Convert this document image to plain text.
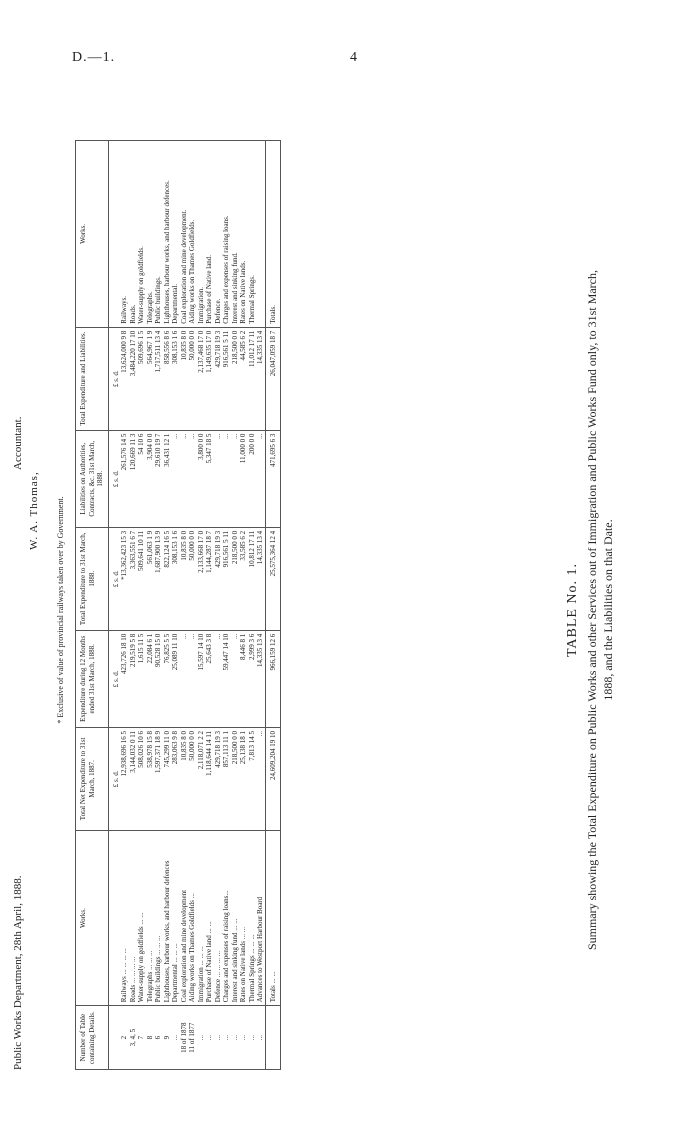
D.—1.	4
TABLE No. 1. Summary showing the Total Expenditure on Public Works and other Services out of Immigration and Public Works Fund only, to 31st March, 1888, and the Liabilities on that Date.
Number of Table containing Details.	Works.	Total Net Expenditure to 31st March, 1887.	Expenditure during 12 Months ended 31st March, 1888.	Total Expenditure to 31st March, 1888.	Liabilities on Authorities, Contracts, &c. 31st March, 1888.	Total Expenditure and Liabilities.	Works.
		£ s. d.	£ s. d.	£ s. d.	£ s. d.	£ s. d.	
2	Railways ... ... ... ...	12,938,696 16 5	423,726 18 10	*13,362,423 15 3	261,576 14 5	13,624,000 9 8	Railways.
3, 4, 5	Roads ... ... ... ...	3,144,032 0 11	219,519 5 8	3,363,551 6 7	120,669 11 3	3,484,220 17 10	Roads.
7	Water-supply on goldfields ... ...	508,026 10 6	1,615 11 5	509,641 10 11	54 10 6	509,696 1 5	Water-supply on goldfields.
8	Telegraphs ... ... ...	538,978 15 8	22,084 6 1	561,063 1 9	3,904 0 0	564,967 1 9	Telegraphs.
6	Public buildings ... ... ...	1,597,371 18 9	90,528 15 0	1,687,900 13 9	29,610 19 7	1,717,511 13 4	Public buildings.
9	Lighthouses, harbour works, and harbour defences	745,299 11 0	76,825 5 5	822,124 16 5	36,431 12 1	858,556 8 6	Lighthouses, harbour works, and harbour defences.
...	Departmental ... ... ...	283,063 9 8	25,089 11 10	308,153 1 6	...	308,153 1 6	Departmental.
18 of 1878	Coal exploration and mine development	10,835 8 0	...	10,835 8 0	...	10,835 8 0	Coal exploration and mine development.
11 of 1877	Aiding works on Thames Goldfields ...	50,000 0 0	...	50,000 0 0	...	50,000 0 0	Aiding works on Thames Goldfields.
...	Immigration ... ... ...	2,118,071 2 2	15,597 14 10	2,133,668 17 0	3,800 0 0	2,137,468 17 0	Immigration.
...	Purchase of Native land ... ...	1,118,644 14 11	25,643 3 8	1,144,287 18 7	5,347 18 5	1,149,635 17 0	Purchase of Native land.
...	Defence ... ... ... ...	429,718 19 3	...	429,718 19 3	...	429,718 19 3	Defence.
...	Charges and expenses of raising loans...	857,113 11 1	59,447 14 10	916,561 5 11	...	916,561 5 11	Charges and expenses of raising loans.
...	Interest and sinking fund ... ...	218,500 0 0	...	218,500 0 0	...	218,500 0 0	Interest and sinking fund.
...	Rates on Native lands ... ...	25,138 18 1	8,446 8 1	33,585 6 2	11,000 0 0	44,585 6 2	Rates on Native lands.
...	Thermal Springs ... ... ...	7,813 14 5	2,999 3 6	10,812 17 11	200 0 0	11,012 17 11	Thermal Springs.
...	Advances to Westport Harbour Board	...	14,335 13 4	14,335 13 4	...	14,335 13 4	
	Totals ... ...	24,609,204 19 10	966,159 12 6	25,575,364 12 4	471,695 6 3	26,047,059 18 7	Totals.
* Exclusive of value of provincial railways taken over by Government.
W. A. Thomas,
Accountant.
Public Works Department, 28th April, 1888.
